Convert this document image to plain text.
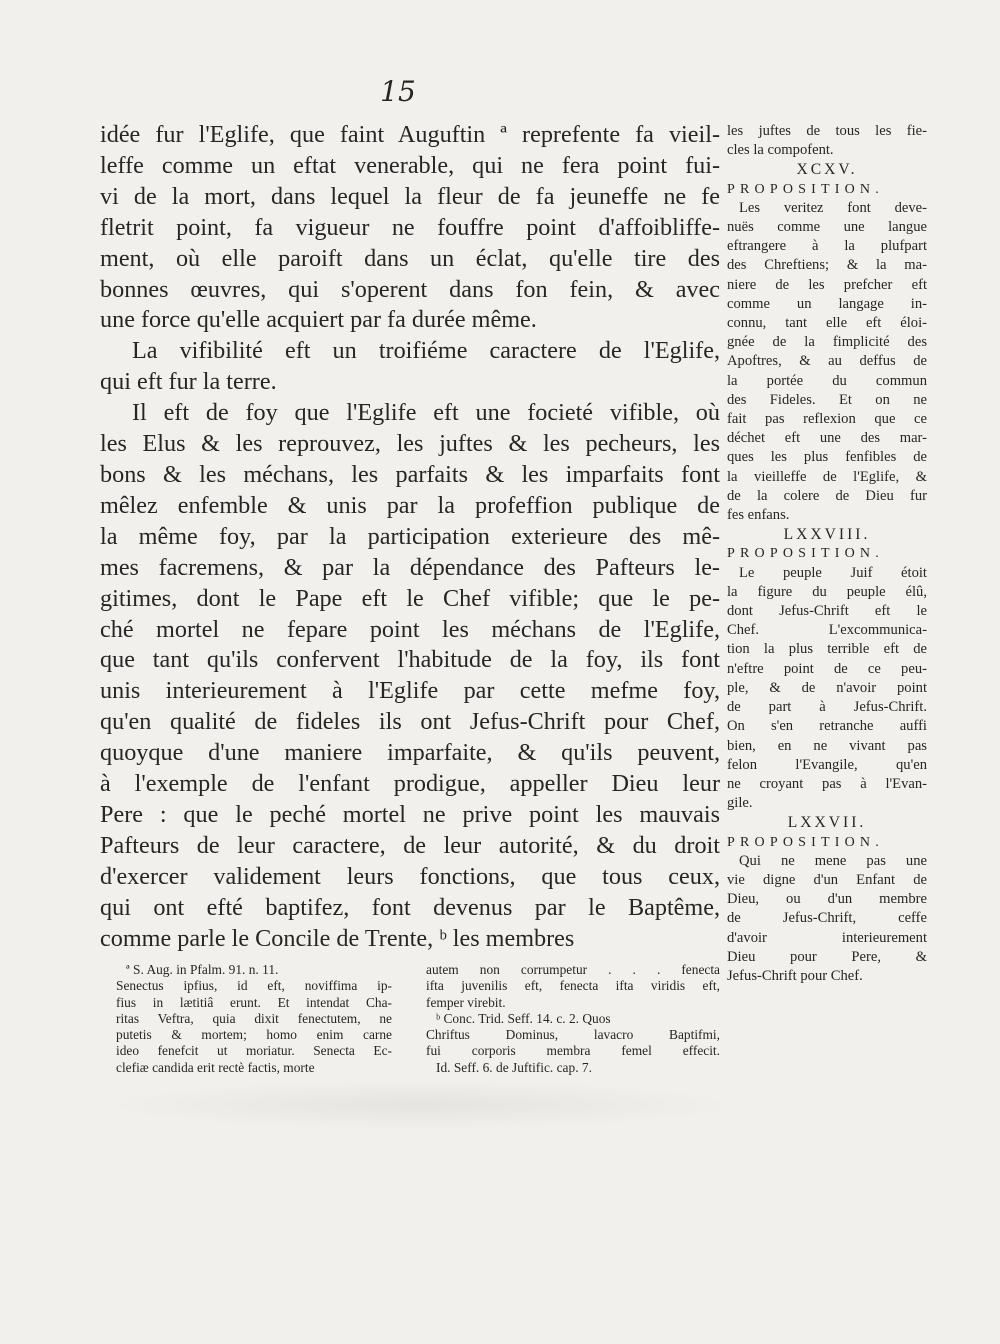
15

idée fur l'Eglife, que faint Auguftin ª reprefente fa vieil-
leffe comme un eftat venerable, qui ne fera point fui-
vi de la mort, dans lequel la fleur de fa jeuneffe ne fe
fletrit point, fa vigueur ne fouffre point d'affoibliffe-
ment, où elle paroift dans un éclat, qu'elle tire des
bonnes œuvres, qui s'operent dans fon fein, & avec
une force qu'elle acquiert par fa durée même.

La vifibilité eft un troifiéme caractere de l'Eglife,
qui eft fur la terre.

Il eft de foy que l'Eglife eft une focieté vifible, où
les Elus & les reprouvez, les juftes & les pecheurs, les
bons & les méchans, les parfaits & les imparfaits font
mêlez enfemble & unis par la profeffion publique de
la même foy, par la participation exterieure des mê-
mes facremens, & par la dépendance des Pafteurs le-
gitimes, dont le Pape eft le Chef vifible; que le pe-
ché mortel ne fepare point les méchans de l'Eglife,
que tant qu'ils confervent l'habitude de la foy, ils font
unis interieurement à l'Eglife par cette mefme foy,
qu'en qualité de fideles ils ont Jefus-Chrift pour Chef,
quoyque d'une maniere imparfaite, & qu'ils peuvent,
à l'exemple de l'enfant prodigue, appeller Dieu leur
Pere : que le peché mortel ne prive point les mauvais
Pafteurs de leur caractere, de leur autorité, & du droit
d'exercer validement leurs fonctions, que tous ceux,
qui ont efté baptifez, font devenus par le Baptême,
comme parle le Concile de Trente, ᵇ les membres

les juftes de tous les fie-
cles la compofent.
XCXV.
PROPOSITION.
Les veritez font deve-
nuës comme une langue
eftrangere à la plufpart
des Chreftiens; & la ma-
niere de les prefcher eft
comme un langage in-
connu, tant elle eft éloi-
gnée de la fimplicité des
Apoftres, & au deffus de
la portée du commun
des Fideles. Et on ne
fait pas reflexion que ce
déchet eft une des mar-
ques les plus fenfibles de
la vieilleffe de l'Eglife, &
de la colere de Dieu fur
fes enfans.
LXXVIII.
PROPOSITION.
Le peuple Juif étoit
la figure du peuple élû,
dont Jefus-Chrift eft le
Chef. L'excommunica-
tion la plus terrible eft de
n'eftre point de ce peu-
ple, & de n'avoir point
de part à Jefus-Chrift.
On s'en retranche auffi
bien, en ne vivant pas
felon l'Evangile, qu'en
ne croyant pas à l'Evan-
gile.
LXXVII.
PROPOSITION.
Qui ne mene pas une
vie digne d'un Enfant de
Dieu, ou d'un membre
de Jefus-Chrift, ceffe
d'avoir interieurement
Dieu pour Pere, &
Jefus-Chrift pour Chef.
ª S. Aug. in Pfalm. 91. n. 11.
Senectus ipfius, id eft, noviffima ip-
fius in lætitiâ erunt. Et intendat Cha-
ritas Veftra, quia dixit fenectutem, ne
putetis & mortem; homo enim carne
ideo fenefcit ut moriatur. Senecta Ec-
clefiæ candida erit rectè factis, morte
autem non corrumpetur . . . fenecta
ifta juvenilis eft, fenecta ifta viridis eft,
femper virebit.
ᵇ Conc. Trid. Seff. 14. c. 2. Quos
Chriftus Dominus, lavacro Baptifmi,
fui corporis membra femel effecit.
Id. Seff. 6. de Juftific. cap. 7.
